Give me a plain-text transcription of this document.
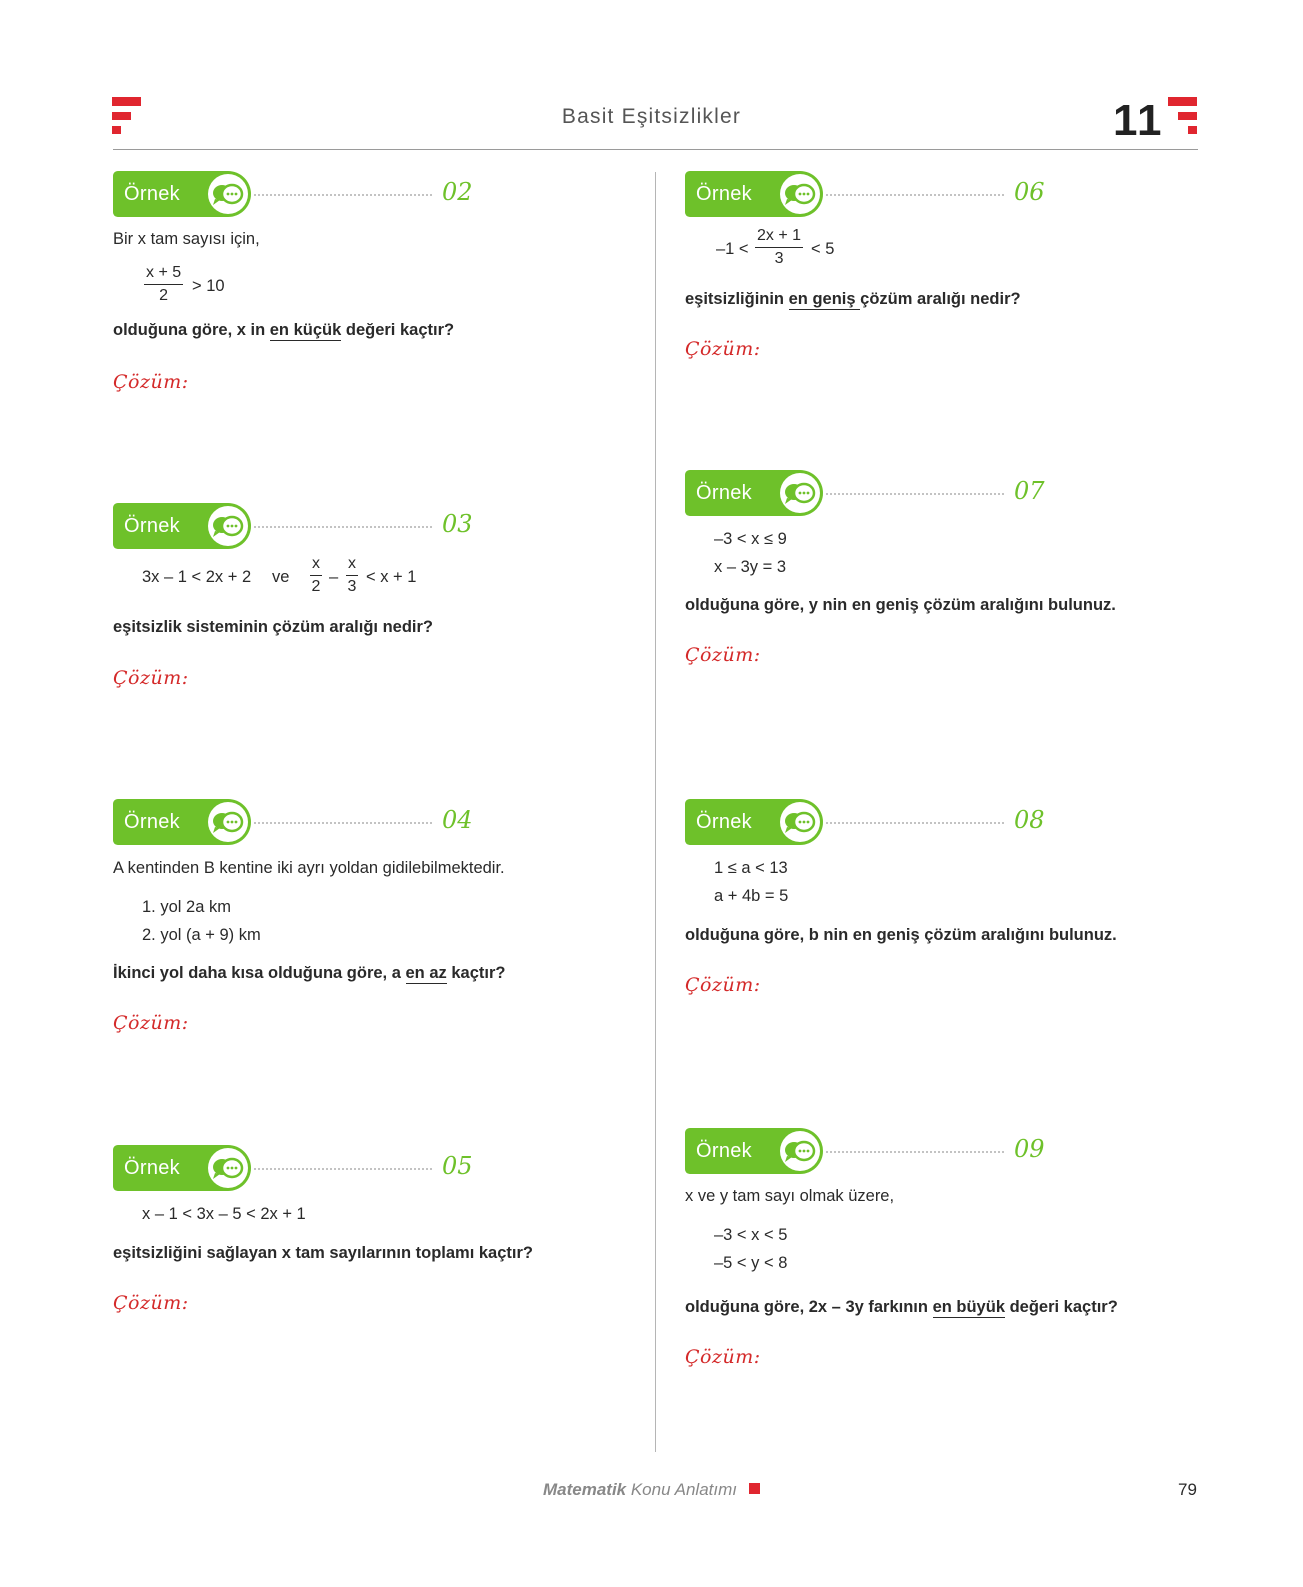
Basit Eşitsizlikler	11
Örnek	02
Bir x tam sayısı için,
$\frac{x + 5}{2} > 10$
olduğuna göre, x in en küçük değeri kaçtır?
Çözüm:
Örnek	03
3x – 1 < 2x + 2 ve $\frac{x}{2} - \frac{x}{3} < x + 1$
eşitsizlik sisteminin çözüm aralığı nedir?
Çözüm:
Örnek	04
A kentinden B kentine iki ayrı yoldan gidilebilmektedir.
1. yol 2a km
2. yol (a + 9) km
İkinci yol daha kısa olduğuna göre, a en az kaçtır?
Çözüm:
Örnek	05
x – 1 < 3x – 5 < 2x + 1
eşitsizliğini sağlayan x tam sayılarının toplamı kaçtır?
Çözüm:
Örnek	06
$-1 < \frac{2x + 1}{3} < 5$
eşitsizliğinin en geniş çözüm aralığı nedir?
Çözüm:
Örnek	07
–3 < x ≤ 9
x – 3y = 3
olduğuna göre, y nin en geniş çözüm aralığını bulunuz.
Çözüm:
Örnek	08
1 ≤ a < 13
a + 4b = 5
olduğuna göre, b nin en geniş çözüm aralığını bulunuz.
Çözüm:
Örnek	09
x ve y tam sayı olmak üzere,
–3 < x < 5
–5 < y < 8
olduğuna göre, 2x – 3y farkının en büyük değeri kaçtır?
Çözüm:
Matematik Konu Anlatımı	79
